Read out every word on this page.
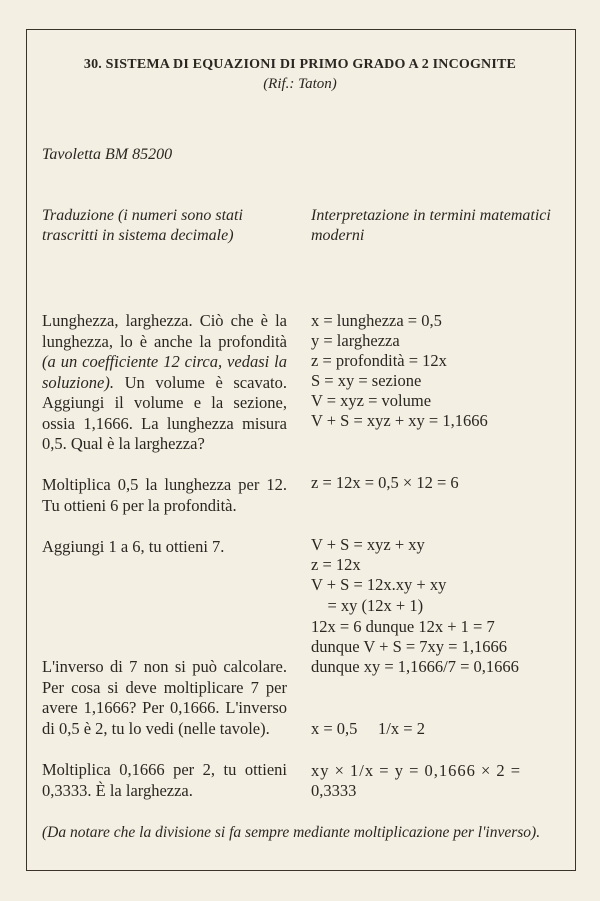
30. SISTEMA DI EQUAZIONI DI PRIMO GRADO A 2 INCOGNITE
(Rif.: Taton)
Tavoletta BM 85200
Traduzione (i numeri sono stati trascritti in sistema decimale)
Interpretazione in termini matematici moderni
Lunghezza, larghezza. Ciò che è la lunghezza, lo è anche la profondità (a un coefficiente 12 circa, vedasi la soluzione). Un volume è scavato. Aggiungi il volume e la sezione, ossia 1,1666. La lunghezza misura 0,5. Qual è la larghezza?
Moltiplica 0,5 la lunghezza per 12. Tu ottieni 6 per la profondità.
Aggiungi 1 a 6, tu ottieni 7.
L'inverso di 7 non si può calcolare. Per cosa si deve moltiplicare 7 per avere 1,1666? Per 0,1666. L'inverso di 0,5 è 2, tu lo vedi (nelle tavole).
Moltiplica 0,1666 per 2, tu ottieni 0,3333. È la larghezza.
x = lunghezza = 0,5
y = larghezza
z = profondità = 12x
S = xy = sezione
V = xyz = volume
V + S = xyz + xy = 1,1666
z = 12x = 0,5 × 12 = 6
V + S = xyz + xy
z = 12x
V + S = 12x.xy + xy
= xy (12x + 1)
12x = 6 dunque 12x + 1 = 7
dunque V + S = 7xy = 1,1666
dunque xy = 1,1666/7 = 0,1666
x = 0,5     1/x = 2
xy × 1/x = y = 0,1666 × 2 =
0,3333
(Da notare che la divisione si fa sempre mediante moltiplicazione per l'inverso).
